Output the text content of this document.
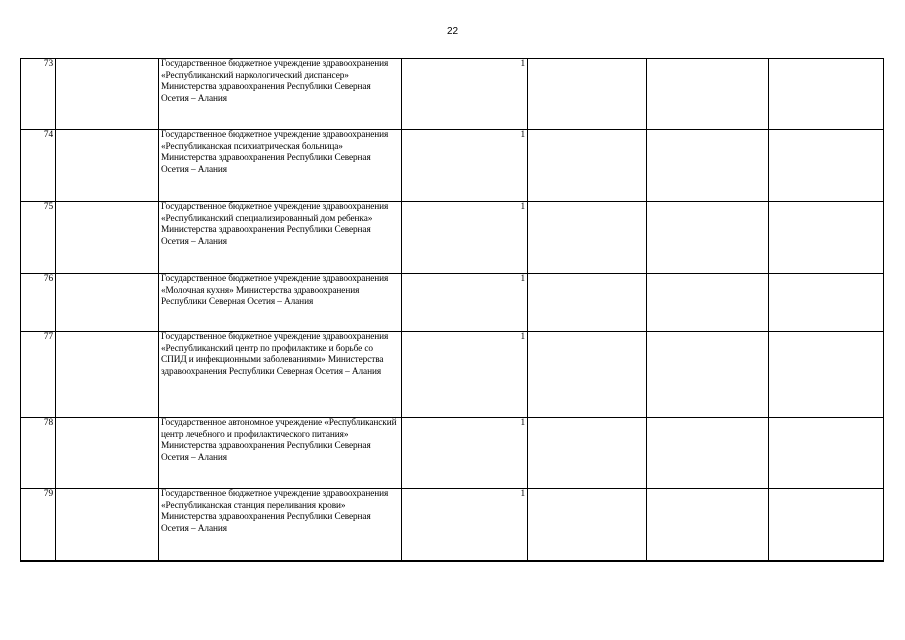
22
73		Государственное бюджетное учреждение здравоохранения «Республиканский наркологический диспансер» Министерства здравоохранения Республики Северная Осетия – Алания	1			
74		Государственное бюджетное учреждение здравоохранения «Республиканская психиатрическая больница» Министерства здравоохранения Республики Северная Осетия – Алания	1			
75		Государственное бюджетное учреждение здравоохранения «Республиканский специализированный дом ребенка» Министерства здравоохранения Республики Северная Осетия – Алания	1			
76		Государственное бюджетное учреждение здравоохранения «Молочная кухня» Министерства здравоохранения Республики Северная Осетия – Алания	1			
77		Государственное бюджетное учреждение здравоохранения «Республиканский центр по профилактике и борьбе со СПИД и инфекционными заболеваниями» Министерства здравоохранения Республики Северная Осетия – Алания	1			
78		Государственное автономное учреждение «Республиканский центр лечебного и профилактического питания» Министерства здравоохранения Республики Северная Осетия – Алания	1			
79		Государственное бюджетное учреждение здравоохранения «Республиканская станция переливания крови» Министерства здравоохранения Республики Северная Осетия – Алания	1			
